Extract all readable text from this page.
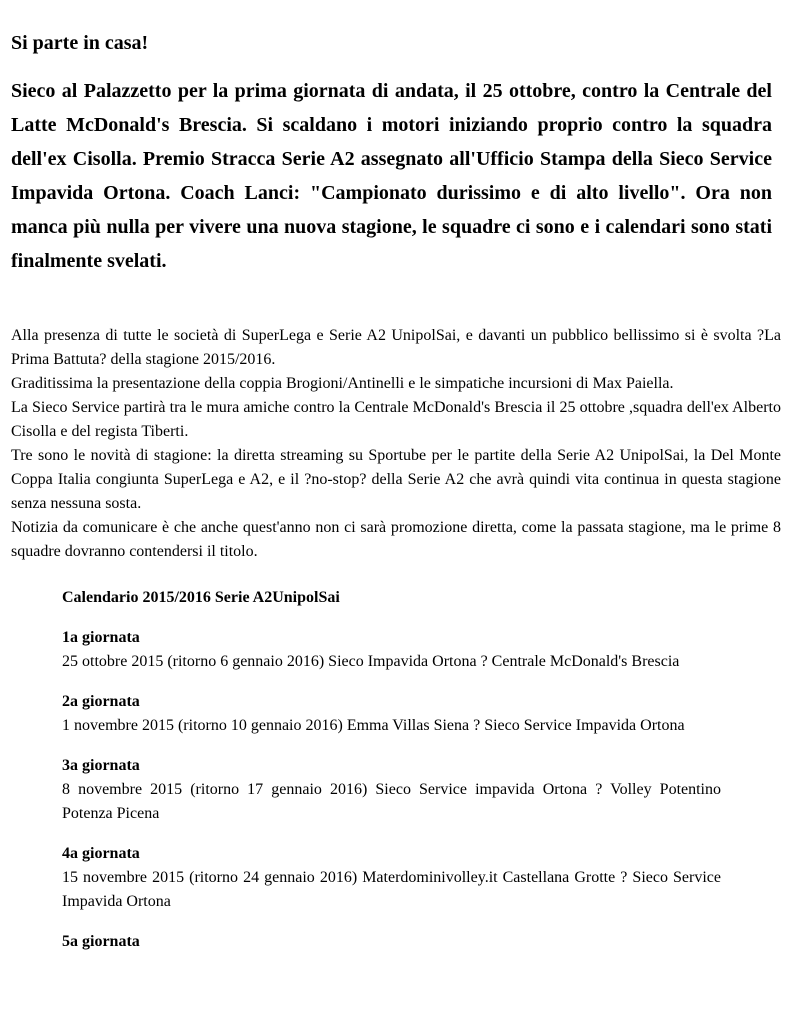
Si parte in casa!

Sieco al Palazzetto per la prima giornata di andata, il 25 ottobre, contro la Centrale del Latte McDonald's Brescia. Si scaldano i motori iniziando proprio contro la squadra dell'ex Cisolla. Premio Stracca Serie A2 assegnato all'Ufficio Stampa della Sieco Service Impavida Ortona. Coach Lanci: "Campionato durissimo e di alto livello". Ora non manca più nulla per vivere una nuova stagione, le squadre ci sono e i calendari sono stati finalmente svelati.

Alla presenza di tutte le società di SuperLega e Serie A2 UnipolSai, e davanti un pubblico bellissimo si è svolta ?La Prima Battuta? della stagione 2015/2016.

Graditissima la presentazione della coppia Brogioni/Antinelli e le simpatiche incursioni di Max Paiella.

La Sieco Service partirà tra le mura amiche contro la Centrale McDonald's Brescia il 25 ottobre ,squadra dell'ex Alberto Cisolla e del regista Tiberti.

Tre sono le novità di stagione: la diretta streaming su Sportube per le partite della Serie A2 UnipolSai, la Del Monte Coppa Italia congiunta SuperLega e A2, e il ?no-stop? della Serie A2 che avrà quindi vita continua in questa stagione senza nessuna sosta.

Notizia da comunicare è che anche quest'anno non ci sarà promozione diretta, come la passata stagione, ma le prime 8 squadre dovranno contendersi il titolo.

Calendario 2015/2016 Serie A2UnipolSai

1a giornata
25 ottobre 2015 (ritorno 6 gennaio 2016) Sieco Impavida Ortona ? Centrale McDonald's Brescia
2a giornata
1 novembre 2015 (ritorno 10 gennaio 2016) Emma Villas Siena ? Sieco Service Impavida Ortona
3a giornata
8 novembre 2015 (ritorno 17 gennaio 2016) Sieco Service impavida Ortona ? Volley Potentino Potenza Picena
4a giornata
15 novembre 2015 (ritorno 24 gennaio 2016) Materdominivolley.it Castellana Grotte ? Sieco Service Impavida Ortona
5a giornata
